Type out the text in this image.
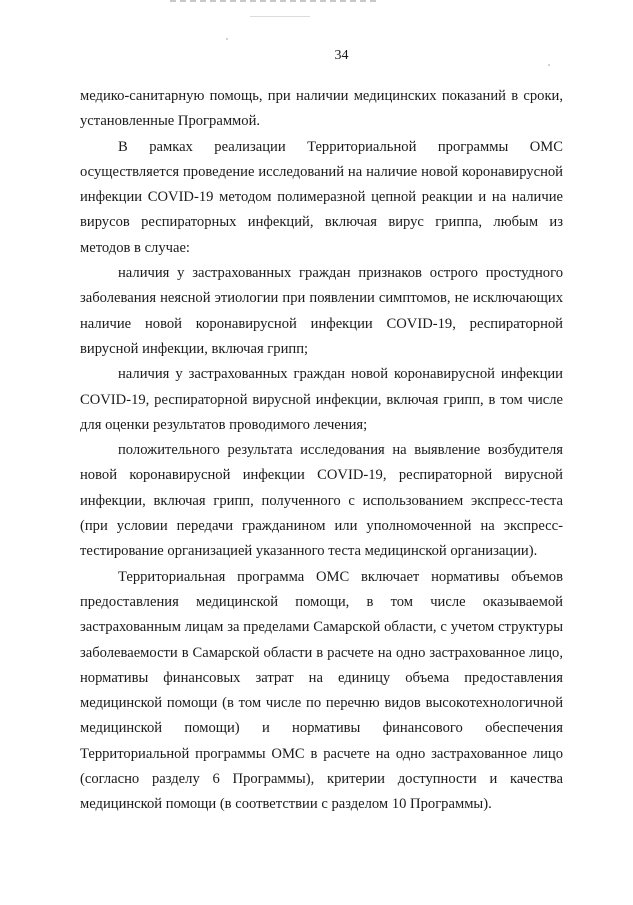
34

медико-санитарную помощь, при наличии медицинских показаний в сроки, установленные Программой.

В рамках реализации Территориальной программы ОМС осуществляется проведение исследований на наличие новой коронавирусной инфекции COVID-19 методом полимеразной цепной реакции и на наличие вирусов респираторных инфекций, включая вирус гриппа, любым из методов в случае:

наличия у застрахованных граждан признаков острого простудного заболевания неясной этиологии при появлении симптомов, не исключающих наличие новой коронавирусной инфекции COVID-19, респираторной вирусной инфекции, включая грипп;

наличия у застрахованных граждан новой коронавирусной инфекции COVID-19, респираторной вирусной инфекции, включая грипп, в том числе для оценки результатов проводимого лечения;

положительного результата исследования на выявление возбудителя новой коронавирусной инфекции COVID-19, респираторной вирусной инфекции, включая грипп, полученного с использованием экспресс-теста (при условии передачи гражданином или уполномоченной на экспресс-тестирование организацией указанного теста медицинской организации).

Территориальная программа ОМС включает нормативы объемов предоставления медицинской помощи, в том числе оказываемой застрахованным лицам за пределами Самарской области, с учетом структуры заболеваемости в Самарской области в расчете на одно застрахованное лицо, нормативы финансовых затрат на единицу объема предоставления медицинской помощи (в том числе по перечню видов высокотехнологичной медицинской помощи) и нормативы финансового обеспечения Территориальной программы ОМС в расчете на одно застрахованное лицо (согласно разделу 6 Программы), критерии доступности и качества медицинской помощи (в соответствии с разделом 10 Программы).
